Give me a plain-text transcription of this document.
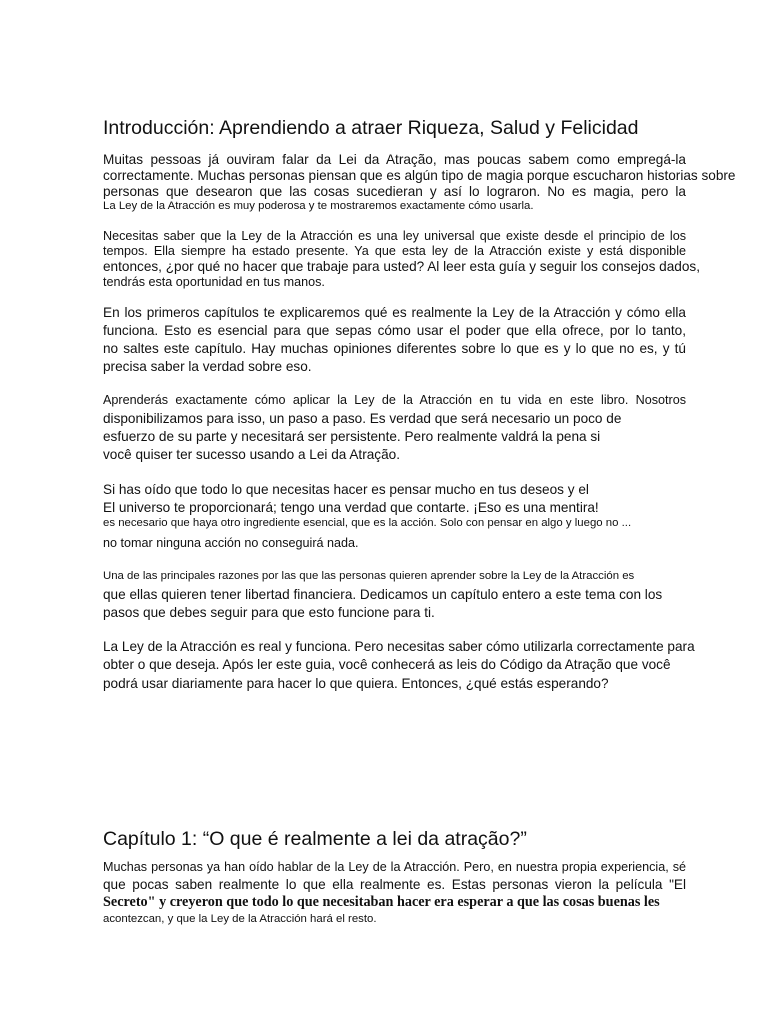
Introducción: Aprendiendo a atraer Riqueza, Salud y Felicidad

Muitas pessoas já ouviram falar da Lei da Atração, mas poucas sabem como empregá-la

correctamente. Muchas personas piensan que es algún tipo de magia porque escucharon historias sobre

personas que desearon que las cosas sucedieran y así lo lograron. No es magia, pero la

La Ley de la Atracción es muy poderosa y te mostraremos exactamente cómo usarla.

Necesitas saber que la Ley de la Atracción es una ley universal que existe desde el principio de los

tempos. Ella siempre ha estado presente. Ya que esta ley de la Atracción existe y está disponible

entonces, ¿por qué no hacer que trabaje para usted? Al leer esta guía y seguir los consejos dados,

tendrás esta oportunidad en tus manos.

En los primeros capítulos te explicaremos qué es realmente la Ley de la Atracción y cómo ella

funciona. Esto es esencial para que sepas cómo usar el poder que ella ofrece, por lo tanto,

no saltes este capítulo. Hay muchas opiniones diferentes sobre lo que es y lo que no es, y tú

precisa saber la verdad sobre eso.

Aprenderás exactamente cómo aplicar la Ley de la Atracción en tu vida en este libro. Nosotros

disponibilizamos para isso, un paso a paso. Es verdad que será necesario un poco de

esfuerzo de su parte y necesitará ser persistente. Pero realmente valdrá la pena si

você quiser ter sucesso usando a Lei da Atração.

Si has oído que todo lo que necesitas hacer es pensar mucho en tus deseos y el

El universo te proporcionará; tengo una verdad que contarte. ¡Eso es una mentira!

es necesario que haya otro ingrediente esencial, que es la acción. Solo con pensar en algo y luego no ...

no tomar ninguna acción no conseguirá nada.

Una de las principales razones por las que las personas quieren aprender sobre la Ley de la Atracción es

que ellas quieren tener libertad financiera. Dedicamos un capítulo entero a este tema con los

pasos que debes seguir para que esto funcione para ti.

La Ley de la Atracción es real y funciona. Pero necesitas saber cómo utilizarla correctamente para

obter o que deseja. Após ler este guia, você conhecerá as leis do Código da Atração que você

podrá usar diariamente para hacer lo que quiera. Entonces, ¿qué estás esperando?

Capítulo 1: “O que é realmente a lei da atração?”

Muchas personas ya han oído hablar de la Ley de la Atracción. Pero, en nuestra propia experiencia, sé

que pocas saben realmente lo que ella realmente es. Estas personas vieron la película "El

Secreto" y creyeron que todo lo que necesitaban hacer era esperar a que las cosas buenas les

acontezcan, y que la Ley de la Atracción hará el resto.
